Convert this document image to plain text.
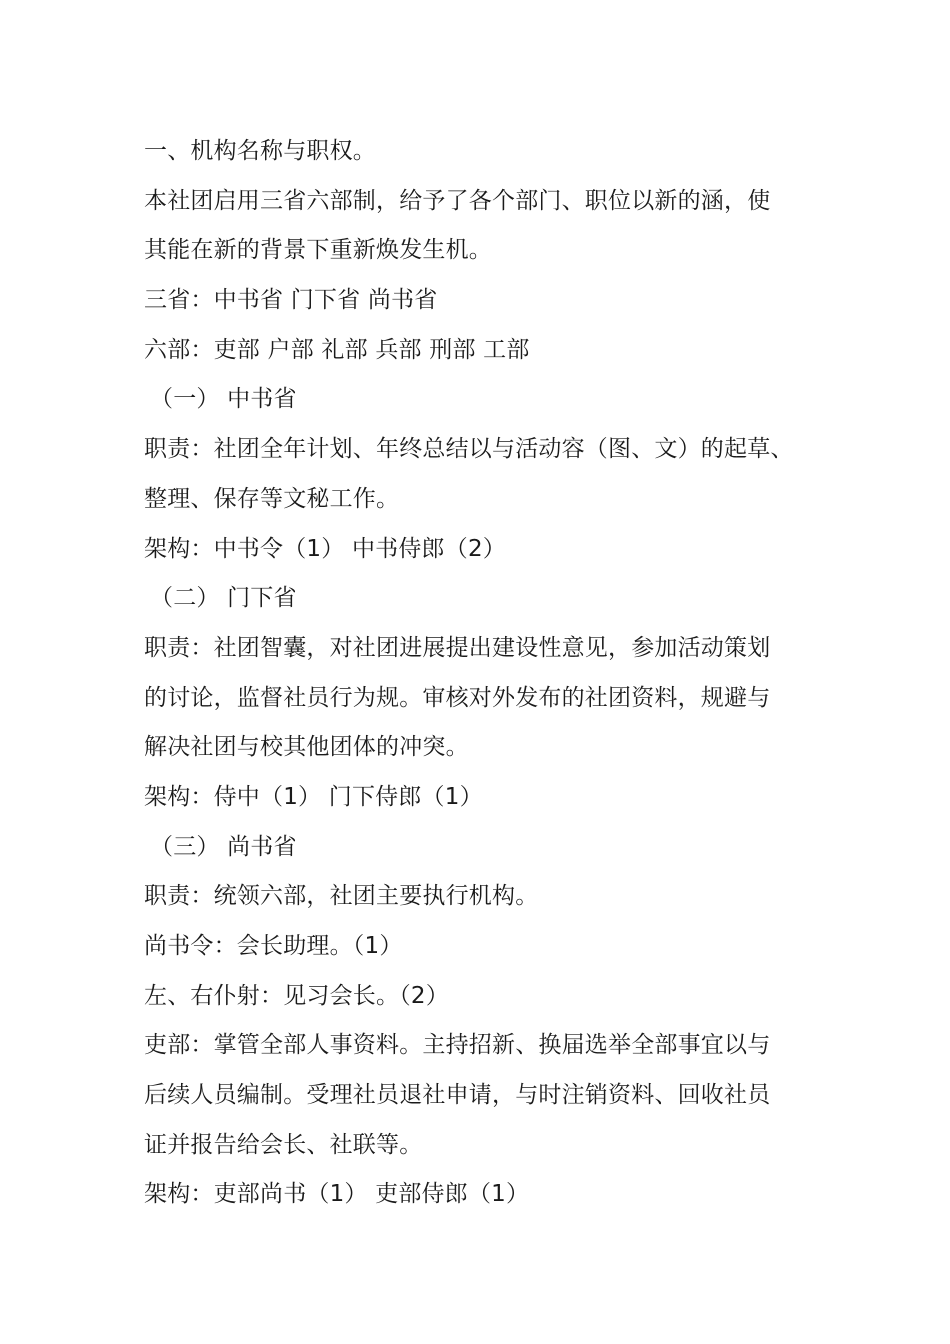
一、机构名称与职权。
本社团启用三省六部制，给予了各个部门、职位以新的涵，使
其能在新的背景下重新焕发生机。
三省：中书省 门下省 尚书省
六部：吏部 户部 礼部 兵部 刑部 工部
（一） 中书省
职责：社团全年计划、年终总结以与活动容（图、文）的起草、
整理、保存等文秘工作。
架构：中书令（1） 中书侍郎（2）
（二） 门下省
职责：社团智囊，对社团进展提出建设性意见，参加活动策划
的讨论，监督社员行为规。审核对外发布的社团资料，规避与
解决社团与校其他团体的冲突。
架构：侍中（1） 门下侍郎（1）
（三） 尚书省
职责：统领六部，社团主要执行机构。
尚书令：会长助理。（1）
左、右仆射：见习会长。（2）
吏部：掌管全部人事资料。主持招新、换届选举全部事宜以与
后续人员编制。受理社员退社申请，与时注销资料、回收社员
证并报告给会长、社联等。
架构：吏部尚书（1） 吏部侍郎（1）
